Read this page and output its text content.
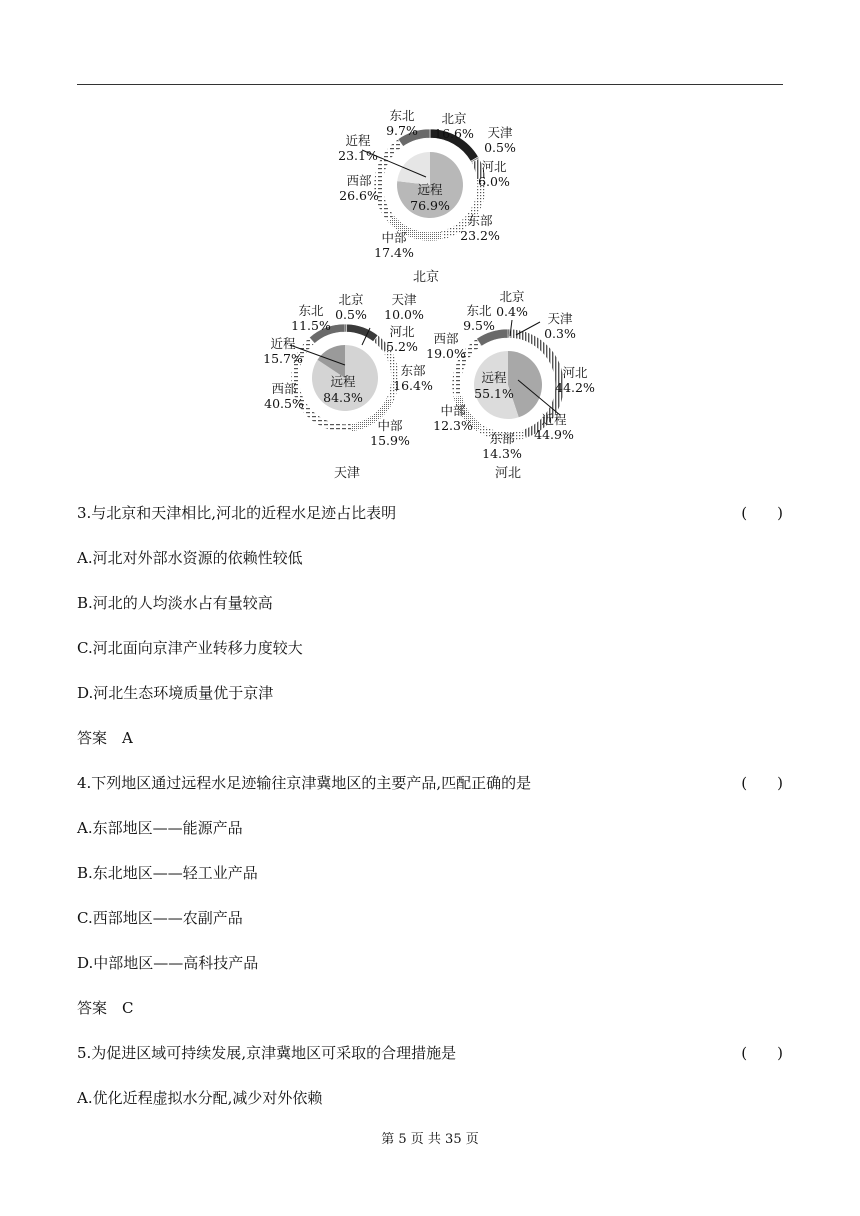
远程
76.9%
东北
9.7%
北京
16.6% 天津
0.5%
近程
23.1%
河北
6.0%
西部
26.6%
东部
23.2%
中部
17.4%
北京
远程
84.3%
北京
0.5%
天津
10.0%
东北
11.5%	河北
5.2%
近程
15.7%
东部
16.4%
西部
40.5%
中部
15.9%
天津
远程
55.1%
北京
0.4%
东北
9.5%	天津
0.3%
西部
19.0%
河北
44.2%
近程
44.9%
中部
12.3%
东部
14.3%
河北
3.与北京和天津相比,河北的近程水足迹占比表明	(　　)
A.河北对外部水资源的依赖性较低
B.河北的人均淡水占有量较高
C.河北面向京津产业转移力度较大
D.河北生态环境质量优于京津
答案　A
4.下列地区通过远程水足迹输往京津冀地区的主要产品,匹配正确的是	(　　)
A.东部地区——能源产品
B.东北地区——轻工业产品
C.西部地区——农副产品
D.中部地区——高科技产品
答案　C
5.为促进区域可持续发展,京津冀地区可采取的合理措施是	(　　)
A.优化近程虚拟水分配,减少对外依赖
第 5 页 共 35 页
